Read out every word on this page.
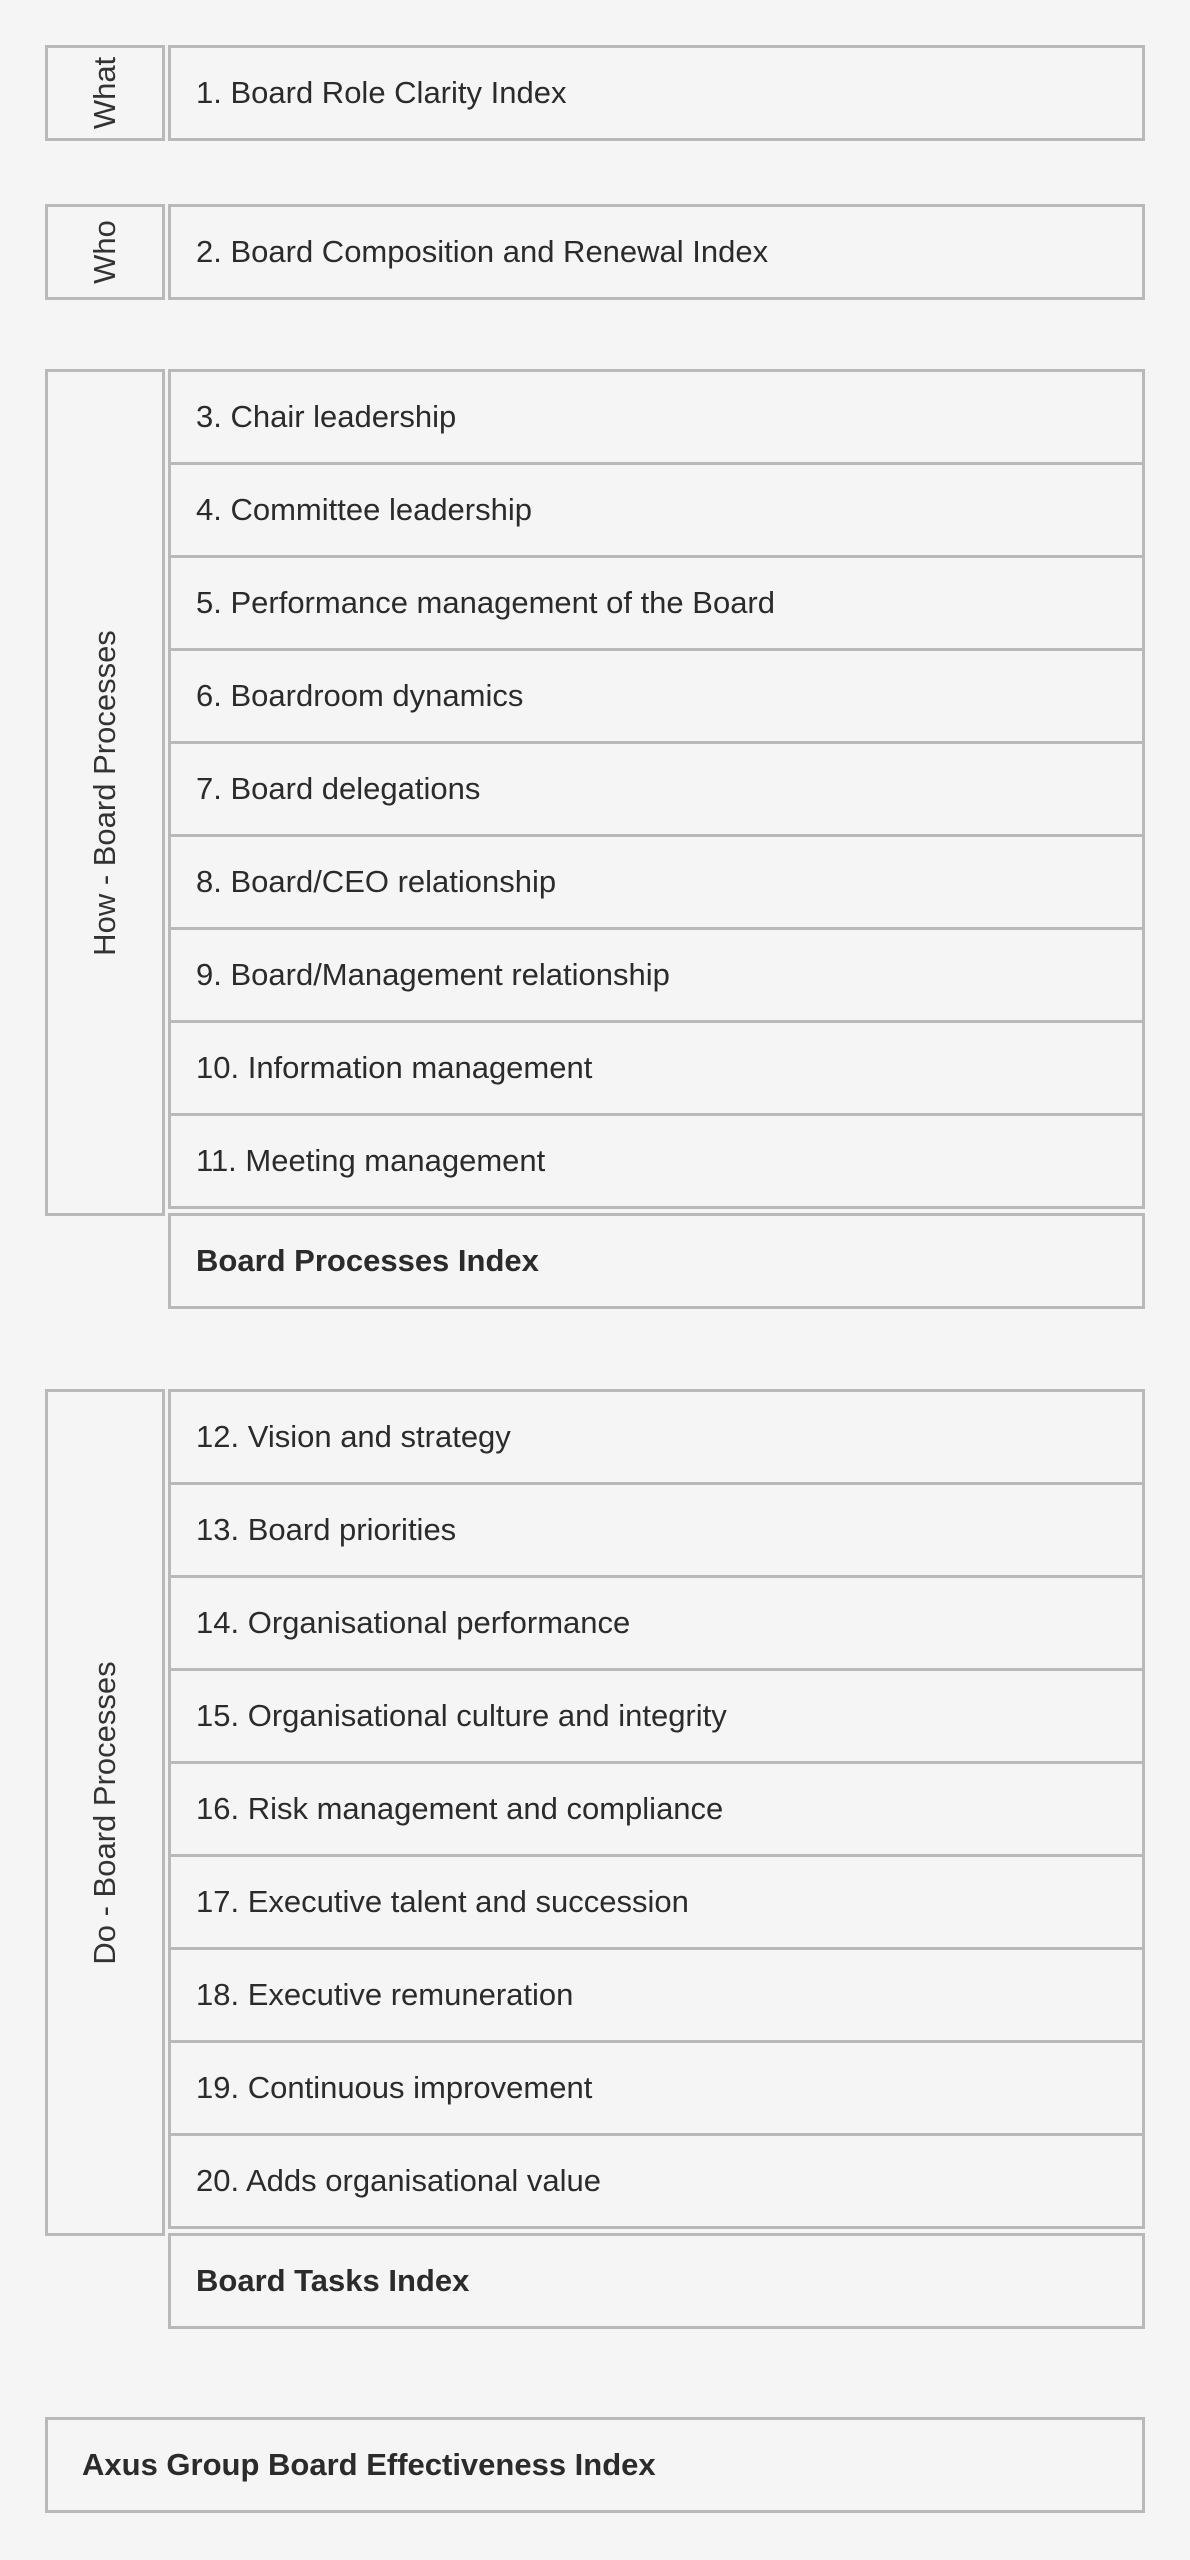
What	1. Board Role Clarity Index
Who	2. Board Composition and Renewal Index
How - Board Processes
3. Chair leadership
4. Committee leadership
5. Performance management of the Board
6. Boardroom dynamics
7. Board delegations
8. Board/CEO relationship
9. Board/Management relationship
10. Information management
11. Meeting management
Board Processes Index
Do - Board Processes
12. Vision and strategy
13. Board priorities
14. Organisational performance
15. Organisational culture and integrity
16. Risk management and compliance
17. Executive talent and succession
18. Executive remuneration
19. Continuous improvement
20. Adds organisational value
Board Tasks Index
Axus Group Board Effectiveness Index
